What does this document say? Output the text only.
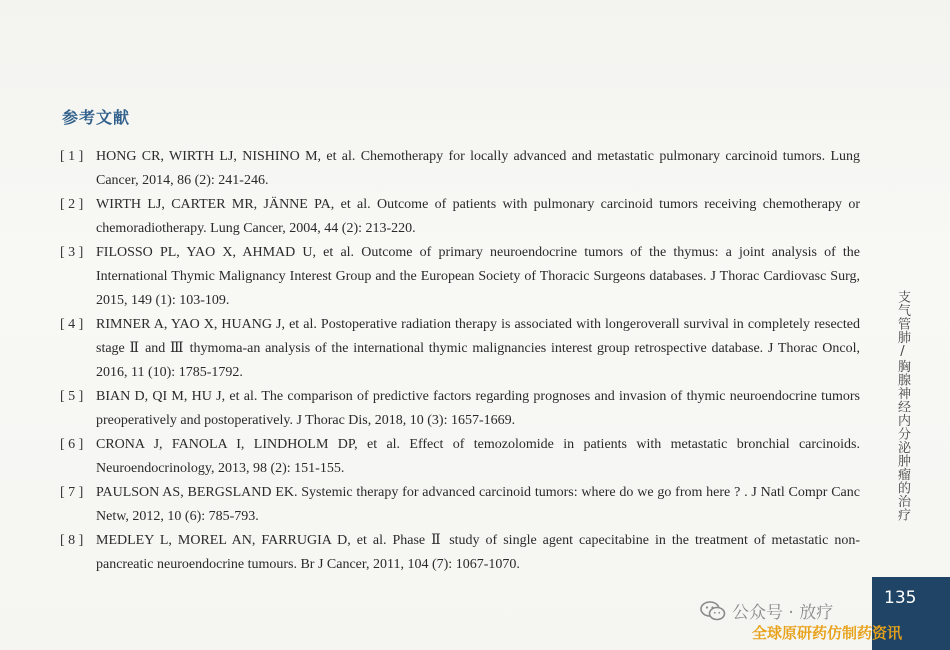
参考文献
[ 1 ] HONG CR, WIRTH LJ, NISHINO M, et al. Chemotherapy for locally advanced and metastatic pulmonary carcinoid tumors. Lung Cancer, 2014, 86 (2): 241-246.
[ 2 ] WIRTH LJ, CARTER MR, JÄNNE PA, et al. Outcome of patients with pulmonary carcinoid tumors receiving chemotherapy or chemoradiotherapy. Lung Cancer, 2004, 44 (2): 213-220.
[ 3 ] FILOSSO PL, YAO X, AHMAD U, et al. Outcome of primary neuroendocrine tumors of the thymus: a joint analysis of the International Thymic Malignancy Interest Group and the European Society of Thoracic Surgeons databases. J Thorac Cardiovasc Surg, 2015, 149 (1): 103-109.
[ 4 ] RIMNER A, YAO X, HUANG J, et al. Postoperative radiation therapy is associated with longeroverall survival in completely resected stage Ⅱ and Ⅲ thymoma-an analysis of the international thymic malignancies interest group retrospective database. J Thorac Oncol, 2016, 11 (10): 1785-1792.
[ 5 ] BIAN D, QI M, HU J, et al. The comparison of predictive factors regarding prognoses and invasion of thymic neuroendocrine tumors preoperatively and postoperatively. J Thorac Dis, 2018, 10 (3): 1657-1669.
[ 6 ] CRONA J, FANOLA I, LINDHOLM DP, et al. Effect of temozolomide in patients with metastatic bronchial carcinoids. Neuroendocrinology, 2013, 98 (2): 151-155.
[ 7 ] PAULSON AS, BERGSLAND EK. Systemic therapy for advanced carcinoid tumors: where do we go from here ? . J Natl Compr Canc Netw, 2012, 10 (6): 785-793.
[ 8 ] MEDLEY L, MOREL AN, FARRUGIA D, et al. Phase Ⅱ study of single agent capecitabine in the treatment of metastatic non-pancreatic neuroendocrine tumours. Br J Cancer, 2011, 104 (7): 1067-1070.
支气管肺/胸腺神经内分泌肿瘤的治疗
135
公众号 · 放疗
全球原研药仿制药资讯
